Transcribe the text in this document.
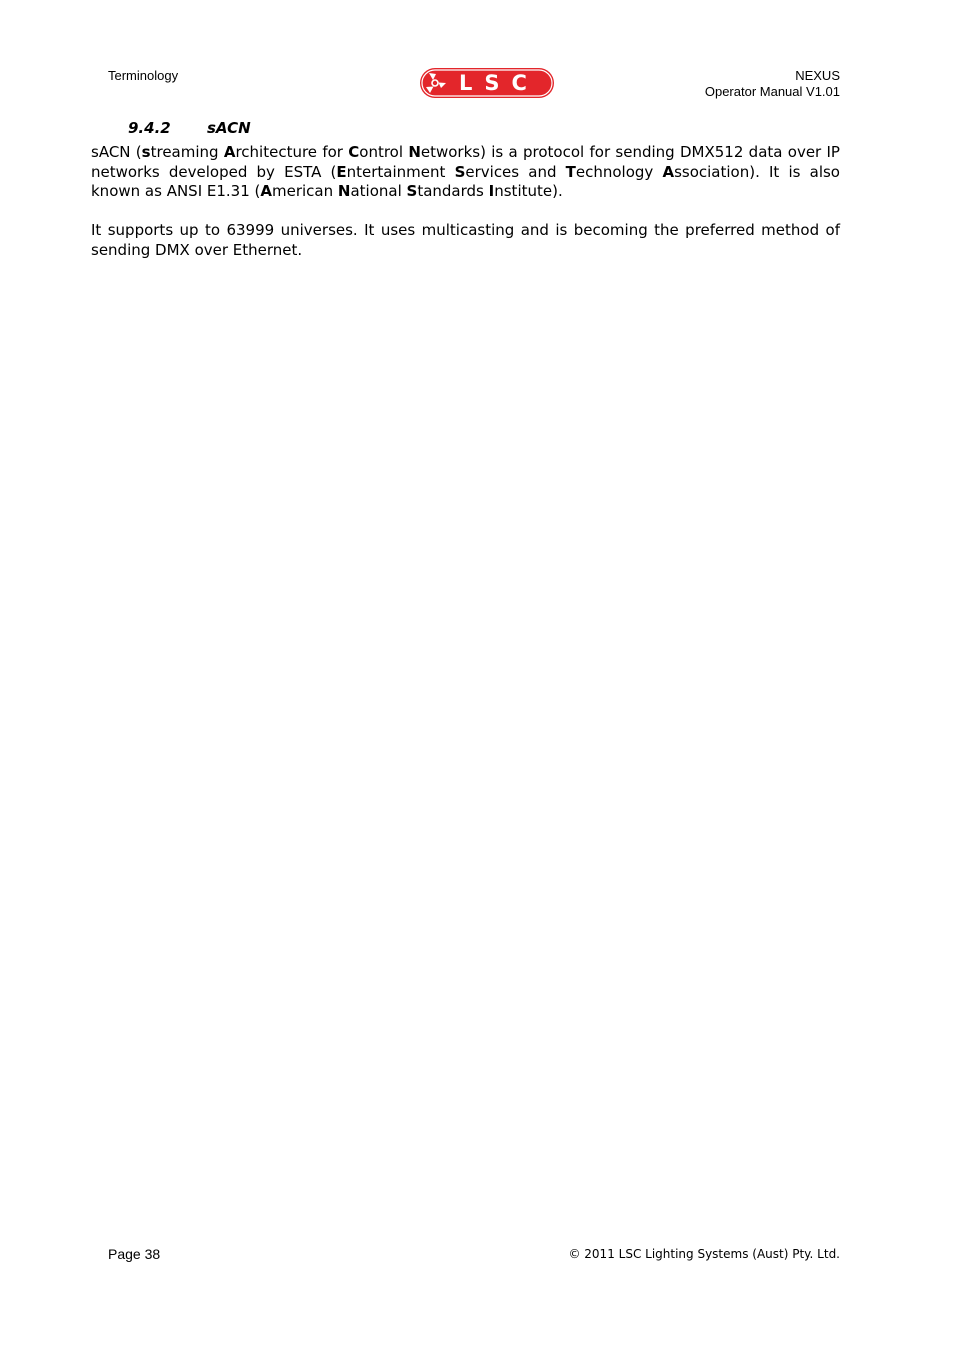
Terminology	LSC	NEXUS
Operator Manual V1.01
9.4.2 sACN

sACN (streaming Architecture for Control Networks) is a protocol for sending DMX512 data over IP networks developed by ESTA (Entertainment Services and Technology Association). It is also known as ANSI E1.31 (American National Standards Institute).

It supports up to 63999 universes. It uses multicasting and is becoming the preferred method of sending DMX over Ethernet.

Page 38	© 2011 LSC Lighting Systems (Aust) Pty. Ltd.
